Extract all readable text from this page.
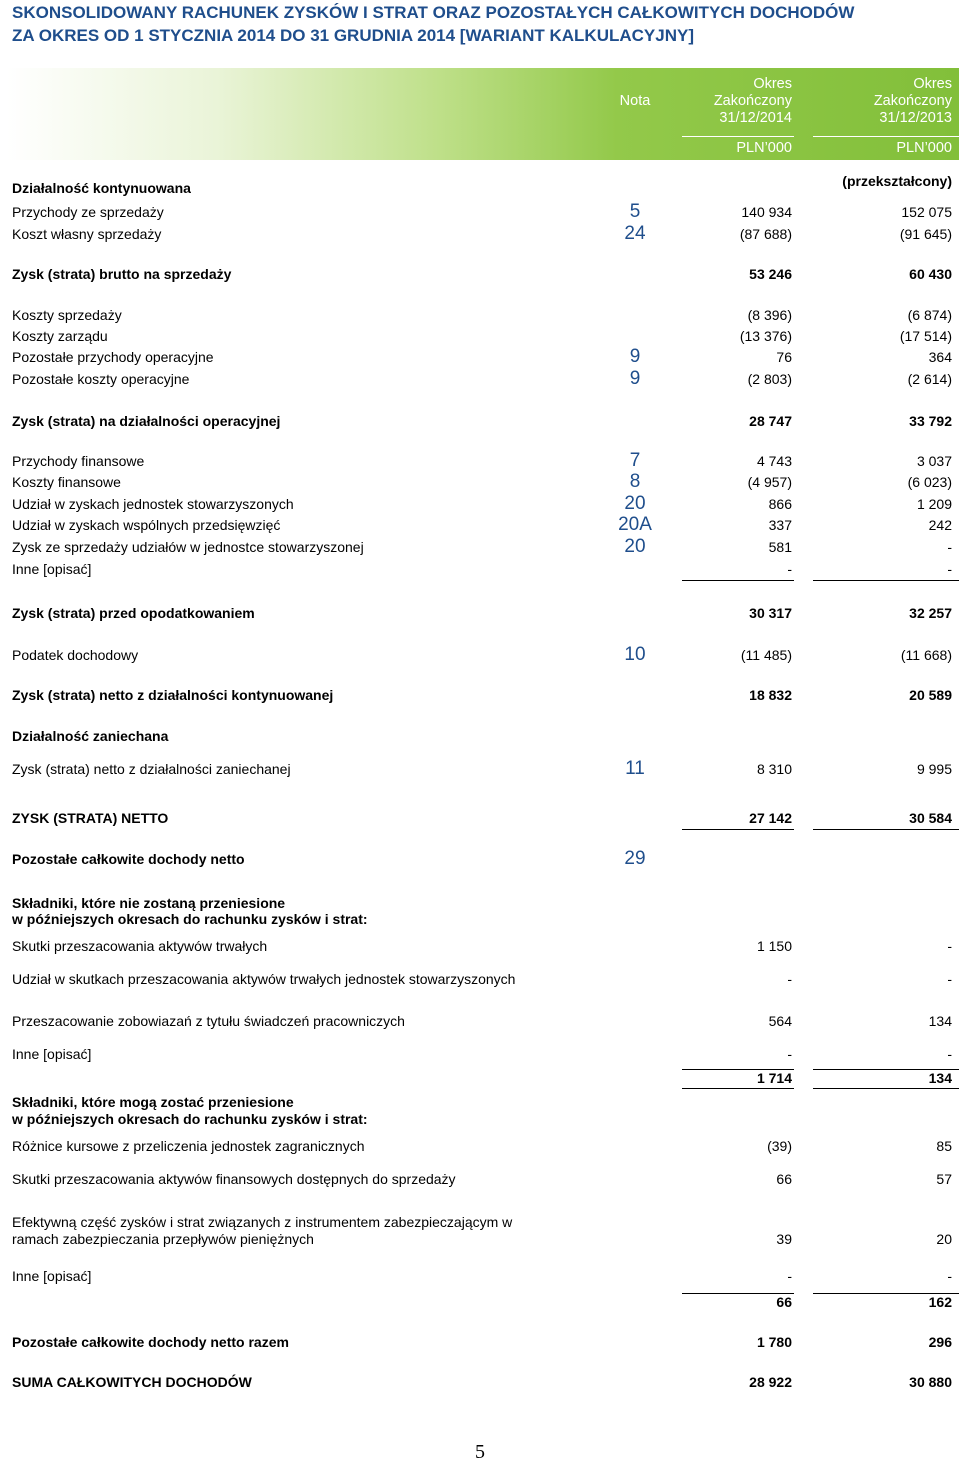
SKONSOLIDOWANY RACHUNEK ZYSKÓW I STRAT ORAZ POZOSTAŁYCH CAŁKOWITYCH DOCHODÓW
ZA OKRES OD 1 STYCZNIA 2014 DO 31 GRUDNIA 2014 [WARIANT KALKULACYJNY]
Nota
Okres
Zakończony
31/12/2014
PLN’000
Okres
Zakończony
31/12/2013
PLN’000
(przekształcony)
Działalność kontynuowana
Przychody ze sprzedaży	5	140 934	152 075
Koszt własny sprzedaży	24	(87 688)	(91 645)
Zysk (strata) brutto na sprzedaży	53 246	60 430
Koszty sprzedaży	(8 396)	(6 874)
Koszty zarządu	(13 376)	(17 514)
Pozostałe przychody operacyjne	9	76	364
Pozostałe koszty operacyjne	9	(2 803)	(2 614)
Zysk (strata) na działalności operacyjnej	28 747	33 792
Przychody finansowe	7	4 743	3 037
Koszty finansowe	8	(4 957)	(6 023)
Udział w zyskach jednostek stowarzyszonych	20	866	1 209
Udział w zyskach wspólnych przedsięwzięć	20A	337	242
Zysk ze sprzedaży udziałów w jednostce stowarzyszonej	20	581	-
Inne [opisać]	-	-
Zysk (strata) przed opodatkowaniem	30 317	32 257
Podatek dochodowy	10	(11 485)	(11 668)
Zysk (strata) netto z działalności kontynuowanej	18 832	20 589
Działalność zaniechana
Zysk (strata) netto z działalności zaniechanej	11	8 310	9 995
ZYSK (STRATA) NETTO	27 142	30 584
Pozostałe całkowite dochody netto	29
Składniki, które nie zostaną przeniesione
w późniejszych okresach do rachunku zysków i strat:
Skutki przeszacowania aktywów trwałych	1 150	-
Udział w skutkach przeszacowania aktywów trwałych jednostek stowarzyszonych	-	-
Przeszacowanie zobowiazań z tytułu świadczeń pracowniczych	564	134
Inne [opisać]	-	-
1 714	134
Składniki, które mogą zostać przeniesione
w późniejszych okresach do rachunku zysków i strat:
Różnice kursowe z przeliczenia jednostek zagranicznych	(39)	85
Skutki przeszacowania aktywów finansowych dostępnych do sprzedaży	66	57
Efektywną część zysków i strat związanych z instrumentem zabezpieczającym w
ramach zabezpieczania przepływów pieniężnych	39	20
Inne [opisać]	-	-
66	162
Pozostałe całkowite dochody netto razem	1 780	296
SUMA CAŁKOWITYCH DOCHODÓW	28 922	30 880
5
